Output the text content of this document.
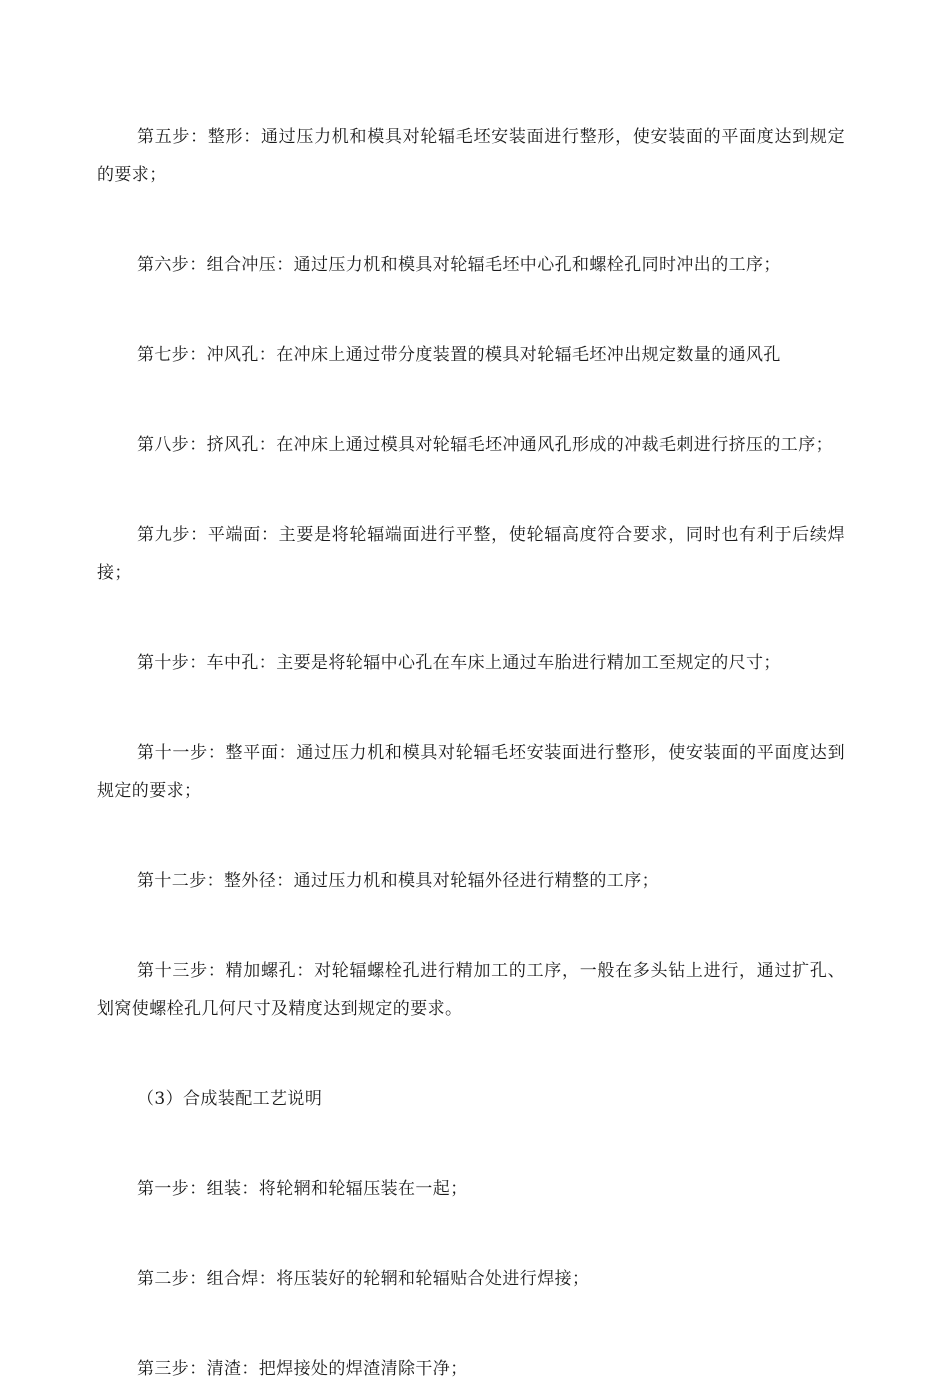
第五步：整形：通过压力机和模具对轮辐毛坯安装面进行整形，使安装面的平面度达到规定的要求；

第六步：组合冲压：通过压力机和模具对轮辐毛坯中心孔和螺栓孔同时冲出的工序；

第七步：冲风孔：在冲床上通过带分度装置的模具对轮辐毛坯冲出规定数量的通风孔

第八步：挤风孔：在冲床上通过模具对轮辐毛坯冲通风孔形成的冲裁毛刺进行挤压的工序；

第九步：平端面：主要是将轮辐端面进行平整，使轮辐高度符合要求，同时也有利于后续焊接；

第十步：车中孔：主要是将轮辐中心孔在车床上通过车胎进行精加工至规定的尺寸；

第十一步：整平面：通过压力机和模具对轮辐毛坯安装面进行整形，使安装面的平面度达到规定的要求；

第十二步：整外径：通过压力机和模具对轮辐外径进行精整的工序；

第十三步：精加螺孔：对轮辐螺栓孔进行精加工的工序，一般在多头钻上进行，通过扩孔、划窝使螺栓孔几何尺寸及精度达到规定的要求。

（3）合成装配工艺说明

第一步：组装：将轮辋和轮辐压装在一起；

第二步：组合焊：将压装好的轮辋和轮辐贴合处进行焊接；

第三步：清渣：把焊接处的焊渣清除干净；
